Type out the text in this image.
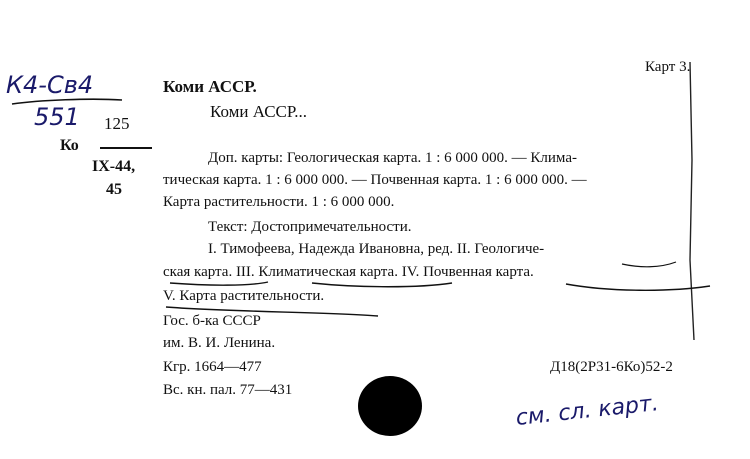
Карт 3.
К4-Св4
551
Коми АССР.
Коми АССР...
125
Ко
IX-44,
45
Доп. карты: Геологическая карта. 1 : 6 000 000. — Клима-
тическая карта. 1 : 6 000 000. — Почвенная карта. 1 : 6 000 000. —
Карта растительности. 1 : 6 000 000.
Текст: Достопримечательности.
I. Тимофеева, Надежда Ивановна, ред. II. Геологиче-
ская карта. III. Климатическая карта. IV. Почвенная карта.
V. Карта растительности.
Гос. б-ка СССР
им. В. И. Ленина.
Кгр. 1664—477	Д18(2Р31-6Ко)52-2
Вс. кн. пал. 77—431
см. сл. карт.
